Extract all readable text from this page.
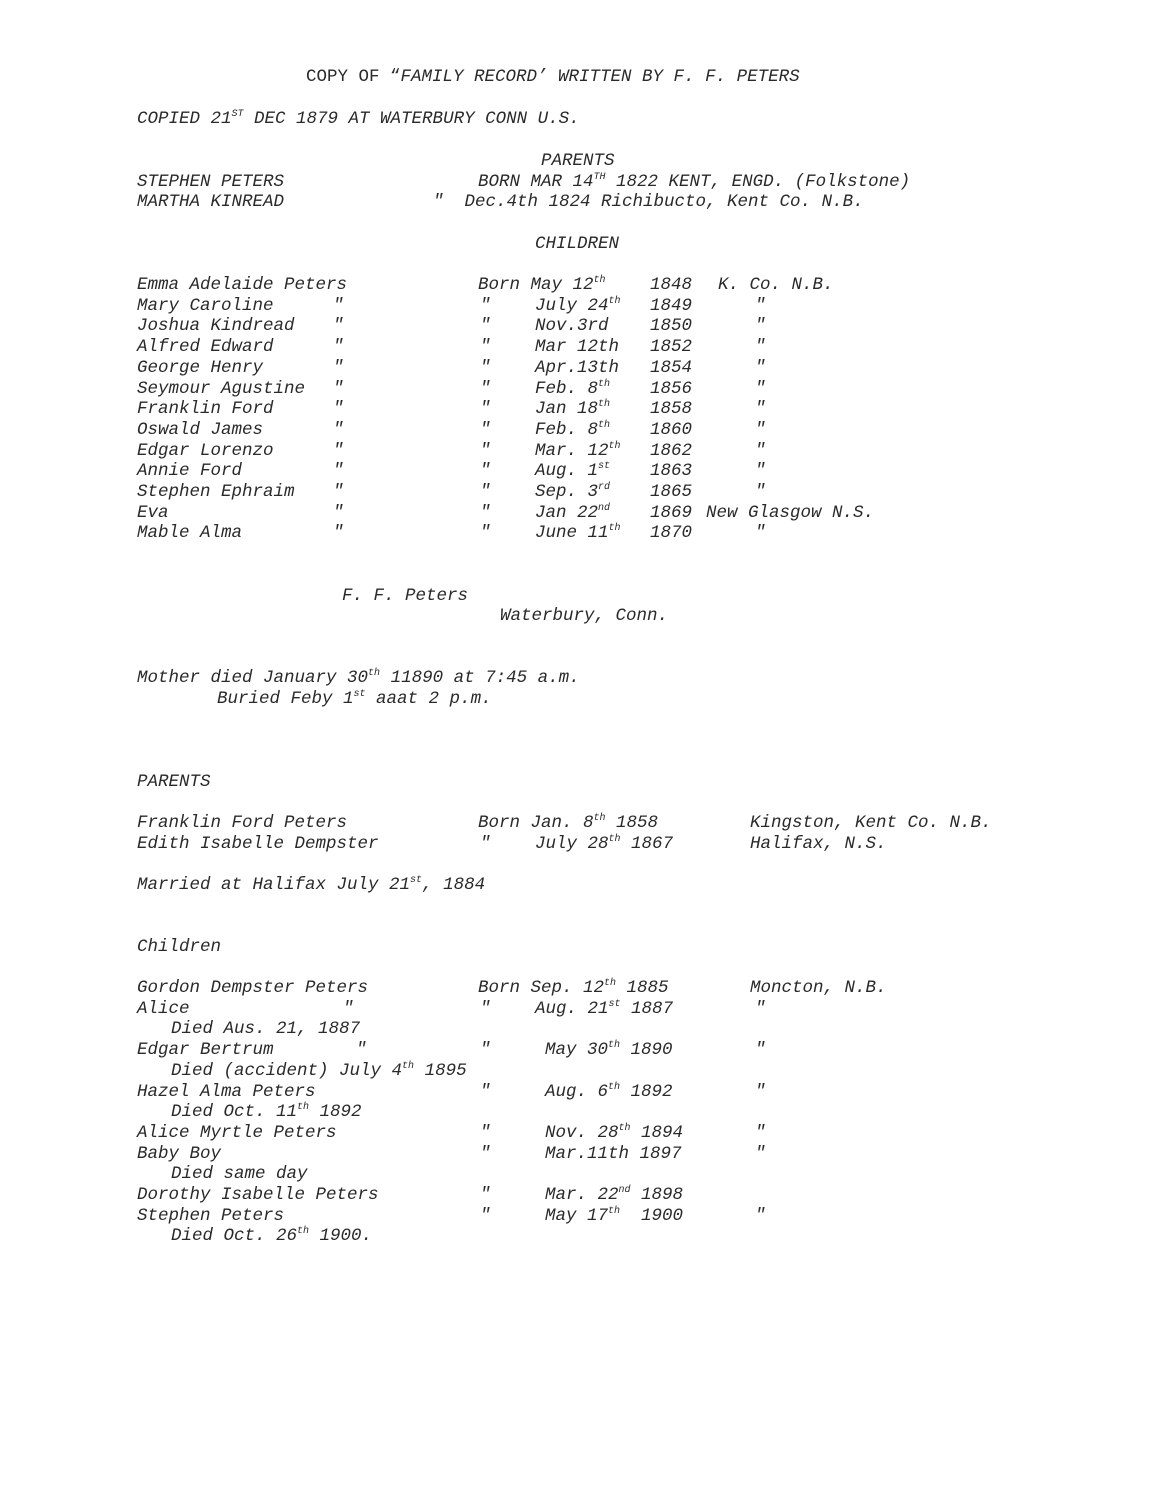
COPY OF “FAMILY RECORD’ WRITTEN BY F. F. PETERS
COPIED 21ST DEC 1879 AT WATERBURY CONN U.S.
PARENTS
STEPHEN PETERS	BORN MAR 14TH 1822 KENT, ENGD. (Folkstone)
MARTHA KINREAD	"  Dec.4th 1824 Richibucto, Kent Co. N.B.
CHILDREN
Emma Adelaide Peters	Born May 12th	1848 K. Co. N.B.
Mary Caroline	"	"	July 24th 1849	"
Joshua Kindread "	"	Nov.3rd 1850	"
Alfred Edward	"	"	Mar 12th 1852	"
George Henry	"	"	Apr.13th 1854	"
Seymour Agustine "	"	Feb. 8th 1856	"
Franklin Ford	"	"	Jan 18th 1858	"
Oswald James	"	"	Feb. 8th 1860	"
Edgar Lorenzo	"	"	Mar. 12th 1862	"
Annie Ford	"	"	Aug. 1st 1863	"
Stephen Ephraim "	"	Sep. 3rd 1865	"
Eva	"	"	Jan 22nd 1869 New Glasgow N.S.
Mable Alma	"	"	June 11th 1870	"
F. F. Peters
Waterbury, Conn.
Mother died January 30th 11890 at 7:45 a.m.
Buried Feby 1st aaat 2 p.m.
PARENTS
Franklin Ford Peters	Born Jan. 8th 1858	Kingston, Kent Co. N.B.
Edith Isabelle Dempster	"	July 28th 1867	Halifax, N.S.
Married at Halifax July 21st, 1884
Children
Gordon Dempster Peters	Born Sep. 12th 1885	Moncton, N.B.
Alice	"	"	Aug. 21st 1887	"
Died Aus. 21, 1887
Edgar Bertrum	"	"	May 30th 1890	"
Died (accident) July 4th 1895
Hazel Alma Peters	"	Aug. 6th 1892	"
Died Oct. 11th 1892
Alice Myrtle Peters	"	Nov. 28th 1894	"
Baby Boy	"	Mar.11th 1897	"
Died same day
Dorothy Isabelle Peters	"	Mar. 22nd 1898
Stephen Peters	"	May 17th  1900	"
Died Oct. 26th 1900.
